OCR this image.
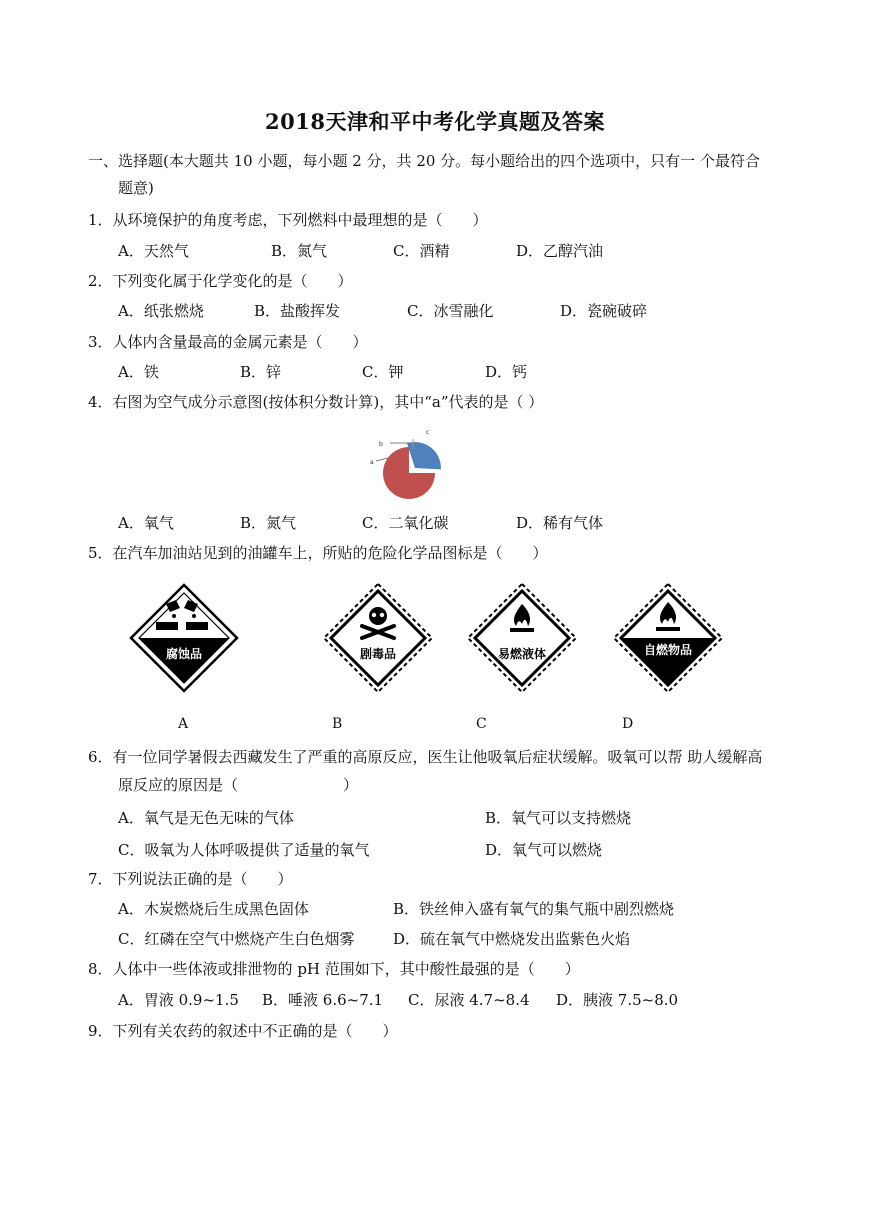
2018天津和平中考化学真题及答案
一、选择题(本大题共 10 小题，每小题 2 分，共 20 分。每小题给出的四个选项中，只有一 个最符合
题意)
1．从环境保护的角度考虑，下列燃料中最理想的是（　　）
A．天然气	B．氮气	C．酒精	D．乙醇汽油
2．下列变化属于化学变化的是（　　）
A．纸张燃烧	B．盐酸挥发	C．冰雪融化	D．瓷碗破碎
3．人体内含量最高的金属元素是（　　）
A．铁	B．锌	C．钾	D．钙
4．右图为空气成分示意图(按体积分数计算)，其中“a”代表的是（ ）
b
a
c
A．氧气	B．氮气	C．二氧化碳	D．稀有气体
5．在汽车加油站见到的油罐车上，所贴的危险化学品图标是（　　）
腐蚀品	剧毒品	易燃液体	自燃物品
A	B	C	D
6．有一位同学暑假去西藏发生了严重的高原反应，医生让他吸氧后症状缓解。吸氧可以帮 助人缓解高
原反应的原因是（　　　　　　　）
A．氧气是无色无味的气体	B．氧气可以支持燃烧
C．吸氧为人体呼吸提供了适量的氧气	D．氧气可以燃烧
7．下列说法正确的是（　　）
A．木炭燃烧后生成黑色固体	B．铁丝伸入盛有氧气的集气瓶中剧烈燃烧
C．红磷在空气中燃烧产生白色烟雾	D．硫在氧气中燃烧发出监紫色火焰
8．人体中一些体液或排泄物的 pH 范围如下，其中酸性最强的是（　　）
A．胃液 0.9~1.5 B．唾液 6.6~7.1 C．尿液 4.7~8.4 D．胰液 7.5~8.0
9．下列有关农药的叙述中不正确的是（　　）
